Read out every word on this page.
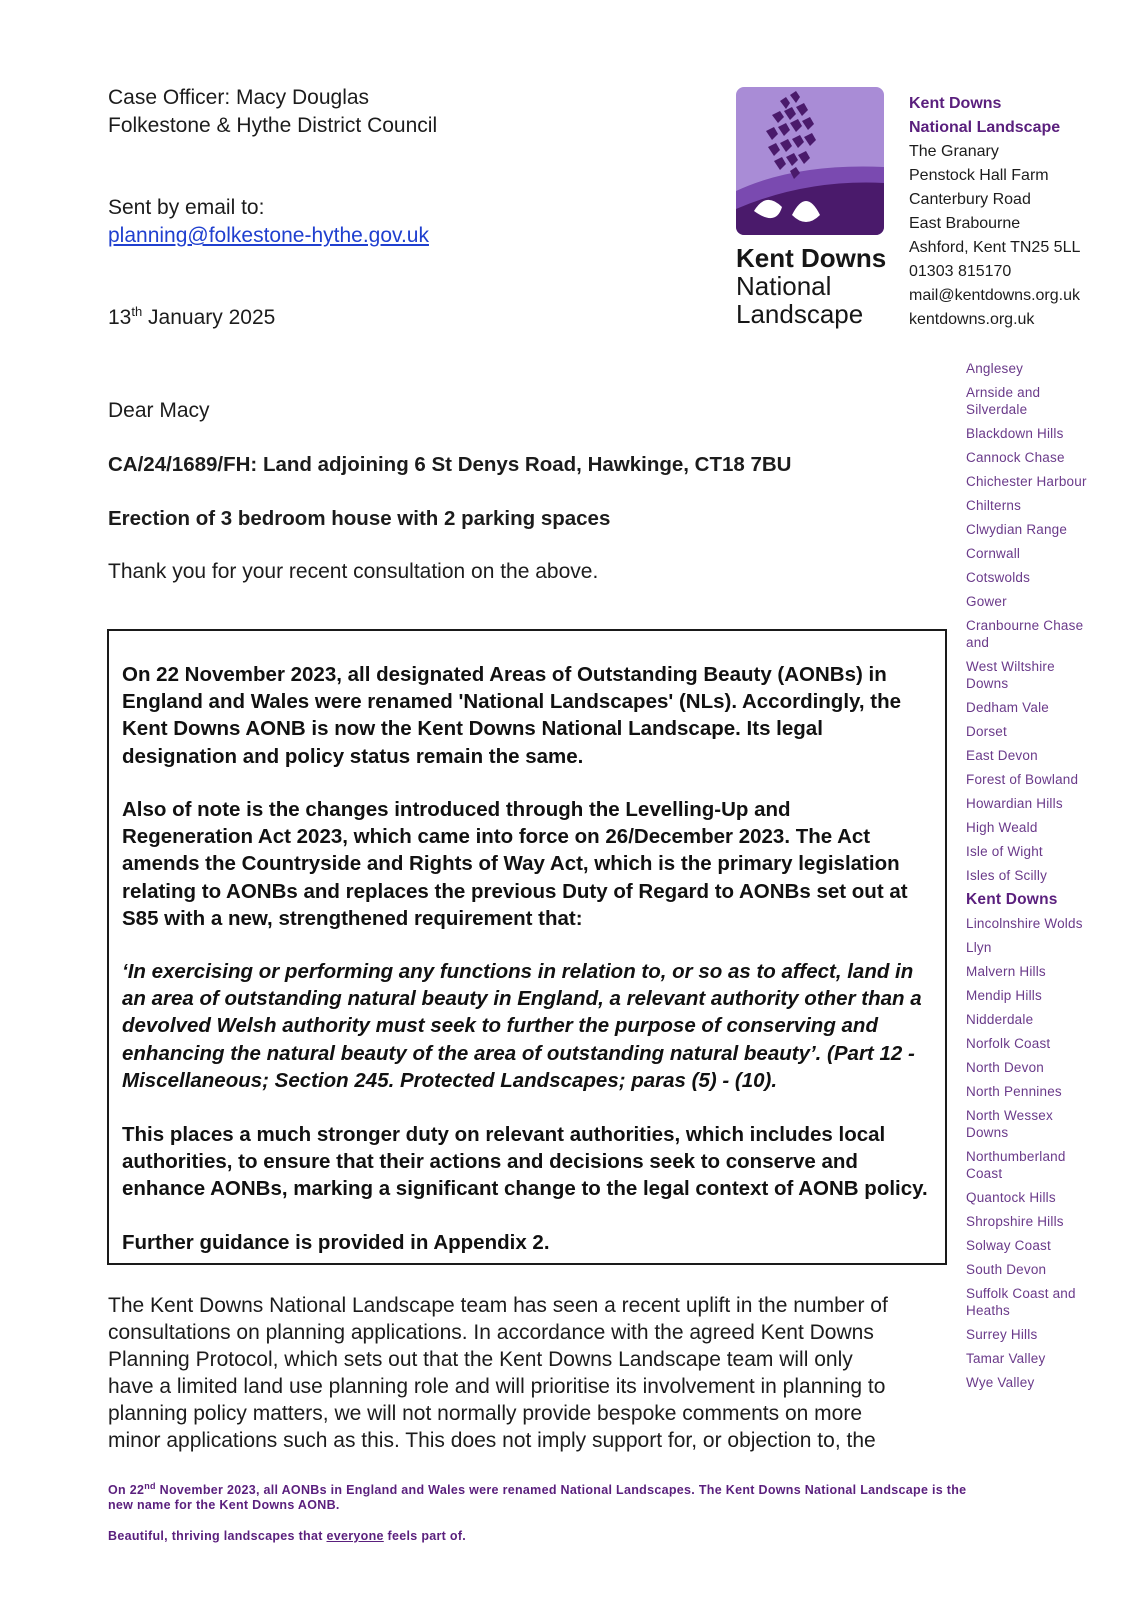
Case Officer: Macy Douglas
Folkestone & Hythe District Council
Sent by email to:
planning@folkestone-hythe.gov.uk
13th January 2025
Kent Downs
National
Landscape
Kent Downs
National Landscape
The Granary
Penstock Hall Farm
Canterbury Road
East Brabourne
Ashford, Kent TN25 5LL
01303 815170
mail@kentdowns.org.uk
kentdowns.org.uk
Anglesey
Arnside and
Silverdale
Blackdown Hills
Cannock Chase
Chichester Harbour
Chilterns
Clwydian Range
Cornwall
Cotswolds
Gower
Cranbourne Chase
and
West Wiltshire
Downs
Dedham Vale
Dorset
East Devon
Forest of Bowland
Howardian Hills
High Weald
Isle of Wight
Isles of Scilly
Kent Downs
Lincolnshire Wolds
Llyn
Malvern Hills
Mendip Hills
Nidderdale
Norfolk Coast
North Devon
North Pennines
North Wessex
Downs
Northumberland
Coast
Quantock Hills
Shropshire Hills
Solway Coast
South Devon
Suffolk Coast and
Heaths
Surrey Hills
Tamar Valley
Wye Valley
Dear Macy
CA/24/1689/FH: Land adjoining 6 St Denys Road, Hawkinge, CT18 7BU
Erection of 3 bedroom house with 2 parking spaces
Thank you for your recent consultation on the above.
On 22 November 2023, all designated Areas of Outstanding Beauty (AONBs) in
England and Wales were renamed 'National Landscapes' (NLs). Accordingly, the
Kent Downs AONB is now the Kent Downs National Landscape. Its legal
designation and policy status remain the same.
Also of note is the changes introduced through the Levelling-Up and
Regeneration Act 2023, which came into force on 26/December 2023. The Act
amends the Countryside and Rights of Way Act, which is the primary legislation
relating to AONBs and replaces the previous Duty of Regard to AONBs set out at
S85 with a new, strengthened requirement that:
‘In exercising or performing any functions in relation to, or so as to affect, land in
an area of outstanding natural beauty in England, a relevant authority other than a
devolved Welsh authority must seek to further the purpose of conserving and
enhancing the natural beauty of the area of outstanding natural beauty’. (Part 12 -
Miscellaneous; Section 245. Protected Landscapes; paras (5) - (10).
This places a much stronger duty on relevant authorities, which includes local
authorities, to ensure that their actions and decisions seek to conserve and
enhance AONBs, marking a significant change to the legal context of AONB policy.
Further guidance is provided in Appendix 2.
The Kent Downs National Landscape team has seen a recent uplift in the number of
consultations on planning applications. In accordance with the agreed Kent Downs
Planning Protocol, which sets out that the Kent Downs Landscape team will only
have a limited land use planning role and will prioritise its involvement in planning to
planning policy matters, we will not normally provide bespoke comments on more
minor applications such as this. This does not imply support for, or objection to, the
On 22nd November 2023, all AONBs in England and Wales were renamed National Landscapes. The Kent Downs National Landscape is the new name for the Kent Downs AONB.
Beautiful, thriving landscapes that everyone feels part of.
